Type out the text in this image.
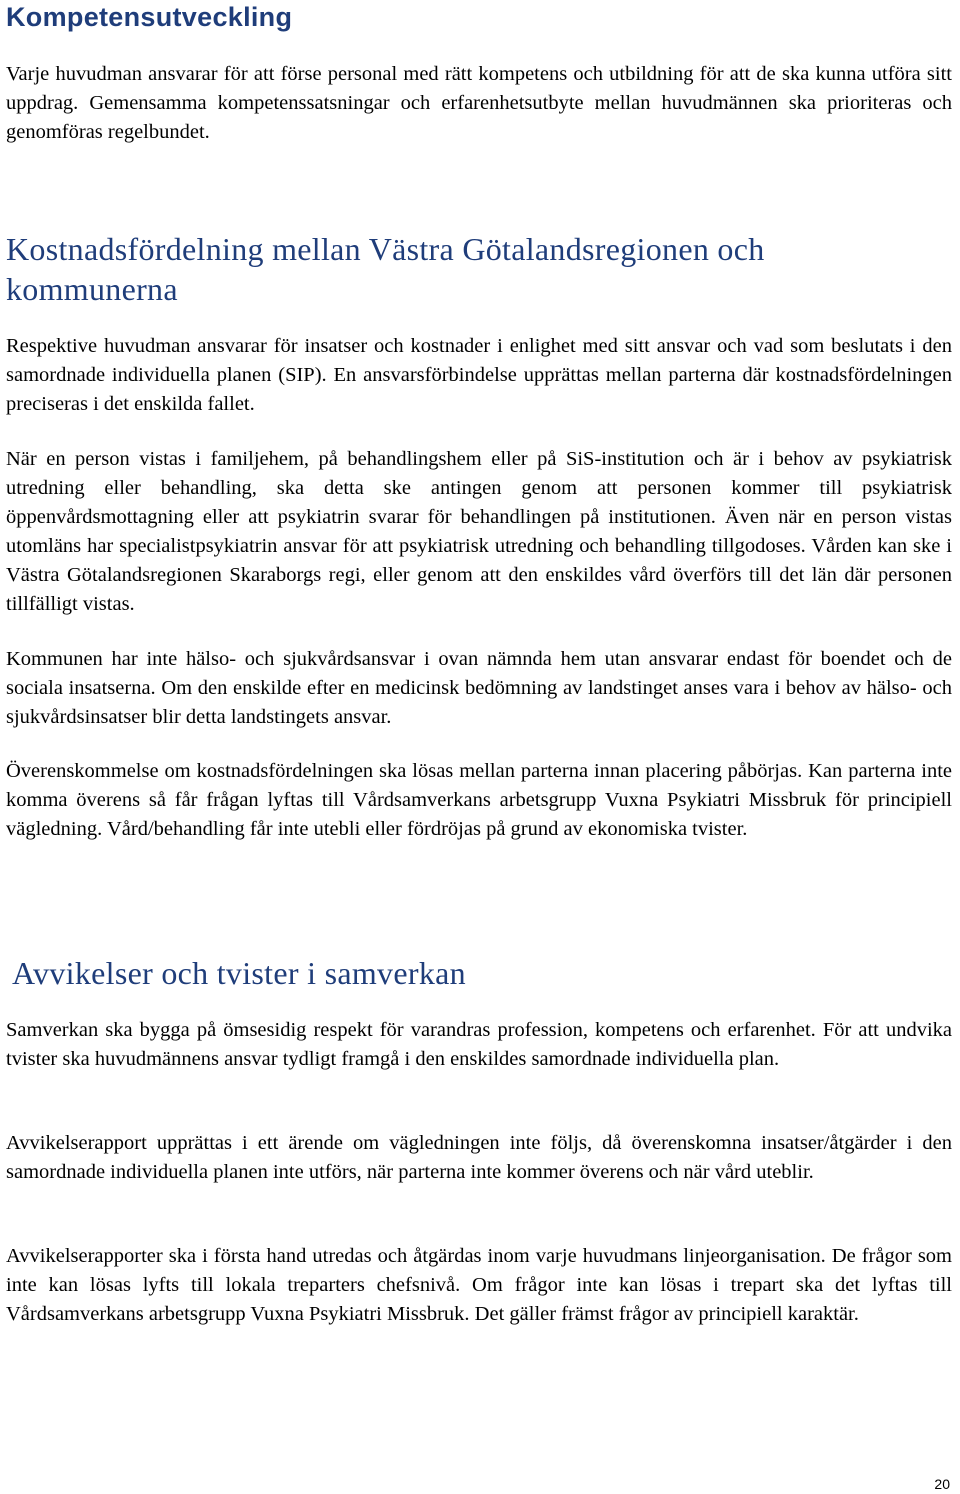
Kompetensutveckling

Varje huvudman ansvarar för att förse personal med rätt kompetens och utbildning för att de ska kunna utföra sitt uppdrag. Gemensamma kompetenssatsningar och erfarenhetsutbyte mellan huvudmännen ska prioriteras och genomföras regelbundet.

Kostnadsfördelning mellan Västra Götalandsregionen och kommunerna

Respektive huvudman ansvarar för insatser och kostnader i enlighet med sitt ansvar och vad som beslutats i den samordnade individuella planen (SIP). En ansvarsförbindelse upprättas mellan parterna där kostnadsfördelningen preciseras i det enskilda fallet.

När en person vistas i familjehem, på behandlingshem eller på SiS-institution och är i behov av psykiatrisk utredning eller behandling, ska detta ske antingen genom att personen kommer till psykiatrisk öppenvårdsmottagning eller att psykiatrin svarar för behandlingen på institutionen. Även när en person vistas utomläns har specialistpsykiatrin ansvar för att psykiatrisk utredning och behandling tillgodoses. Vården kan ske i Västra Götalandsregionen Skaraborgs regi, eller genom att den enskildes vård överförs till det län där personen tillfälligt vistas.

Kommunen har inte hälso- och sjukvårdsansvar i ovan nämnda hem utan ansvarar endast för boendet och de sociala insatserna. Om den enskilde efter en medicinsk bedömning av landstinget anses vara i behov av hälso- och sjukvårdsinsatser blir detta landstingets ansvar.

Överenskommelse om kostnadsfördelningen ska lösas mellan parterna innan placering påbörjas. Kan parterna inte komma överens så får frågan lyftas till Vårdsamverkans arbetsgrupp Vuxna Psykiatri Missbruk för principiell vägledning. Vård/behandling får inte utebli eller fördröjas på grund av ekonomiska tvister.

Avvikelser och tvister i samverkan

Samverkan ska bygga på ömsesidig respekt för varandras profession, kompetens och erfarenhet. För att undvika tvister ska huvudmännens ansvar tydligt framgå i den enskildes samordnade individuella plan.

Avvikelserapport upprättas i ett ärende om vägledningen inte följs, då överenskomna insatser/åtgärder i den samordnade individuella planen inte utförs, när parterna inte kommer överens och när vård uteblir.

Avvikelserapporter ska i första hand utredas och åtgärdas inom varje huvudmans linjeorganisation. De frågor som inte kan lösas lyfts till lokala treparters chefsnivå. Om frågor inte kan lösas i trepart ska det lyftas till Vårdsamverkans arbetsgrupp Vuxna Psykiatri Missbruk. Det gäller främst frågor av principiell karaktär.

20
